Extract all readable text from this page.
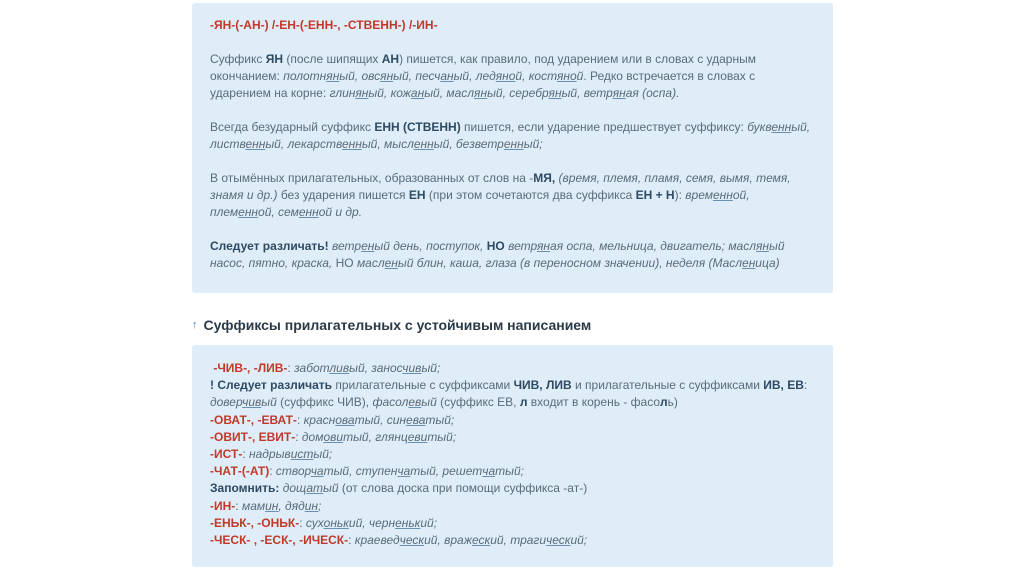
-ЯН-(-АН-) /-ЕН-(-ЕНН-, -СТВЕНН-) /-ИН-

Суффикс ЯН (после шипящих АН) пишется, как правило, под ударением или в словах с ударным окончанием: полотняный, овсяный, песчаный, ледяной, костяной. Редко встречается в словах с ударением на корне: глиняный, кожаный, масляный, серебряный, ветряная (оспа).

Всегда безударный суффикс ЕНН (СТВЕНН) пишется, если ударение предшествует суффиксу: буквенный, лиственный, лекарственный, мысленный, безветренный;

В отымённых прилагательных, образованных от слов на -МЯ, (время, племя, пламя, семя, вымя, темя, знамя и др.) без ударения пишется ЕН (при этом сочетаются два суффикса ЕН + Н): временной, племенной, семенной и др.

Следует различать! ветреный день, поступок, НО ветряная оспа, мельница, двигатель; масляный насос, пятно, краска, НО масленый блин, каша, глаза (в переносном значении), неделя (Масленица)

↑ Суффиксы прилагательных с устойчивым написанием

-ЧИВ-, -ЛИВ-: заботливый, заносчивый;

! Следует различать прилагательные с суффиксами ЧИВ, ЛИВ и прилагательные с суффиксами ИВ, ЕВ: доверчивый (суффикс ЧИВ), фасолевый (суффикс ЕВ, л входит в корень - фасоль)

-ОВАТ-, -ЕВАТ-: красноватый, синеватый;

-ОВИТ-, ЕВИТ-: домовитый, глянцевитый;

-ИСТ-: надрывистый;

-ЧАТ-(-АТ): створчатый, ступенчатый, решетчатый;

Запомнить: дощатый (от слова доска при помощи суффикса -ат-)

-ИН-: мамин, дядин;

-ЕНЬК-, -ОНЬК-: сухонький, черненький;

-ЧЕСК- , -ЕСК-, -ИЧЕСК-: краеведческий, вражеский, трагический;
